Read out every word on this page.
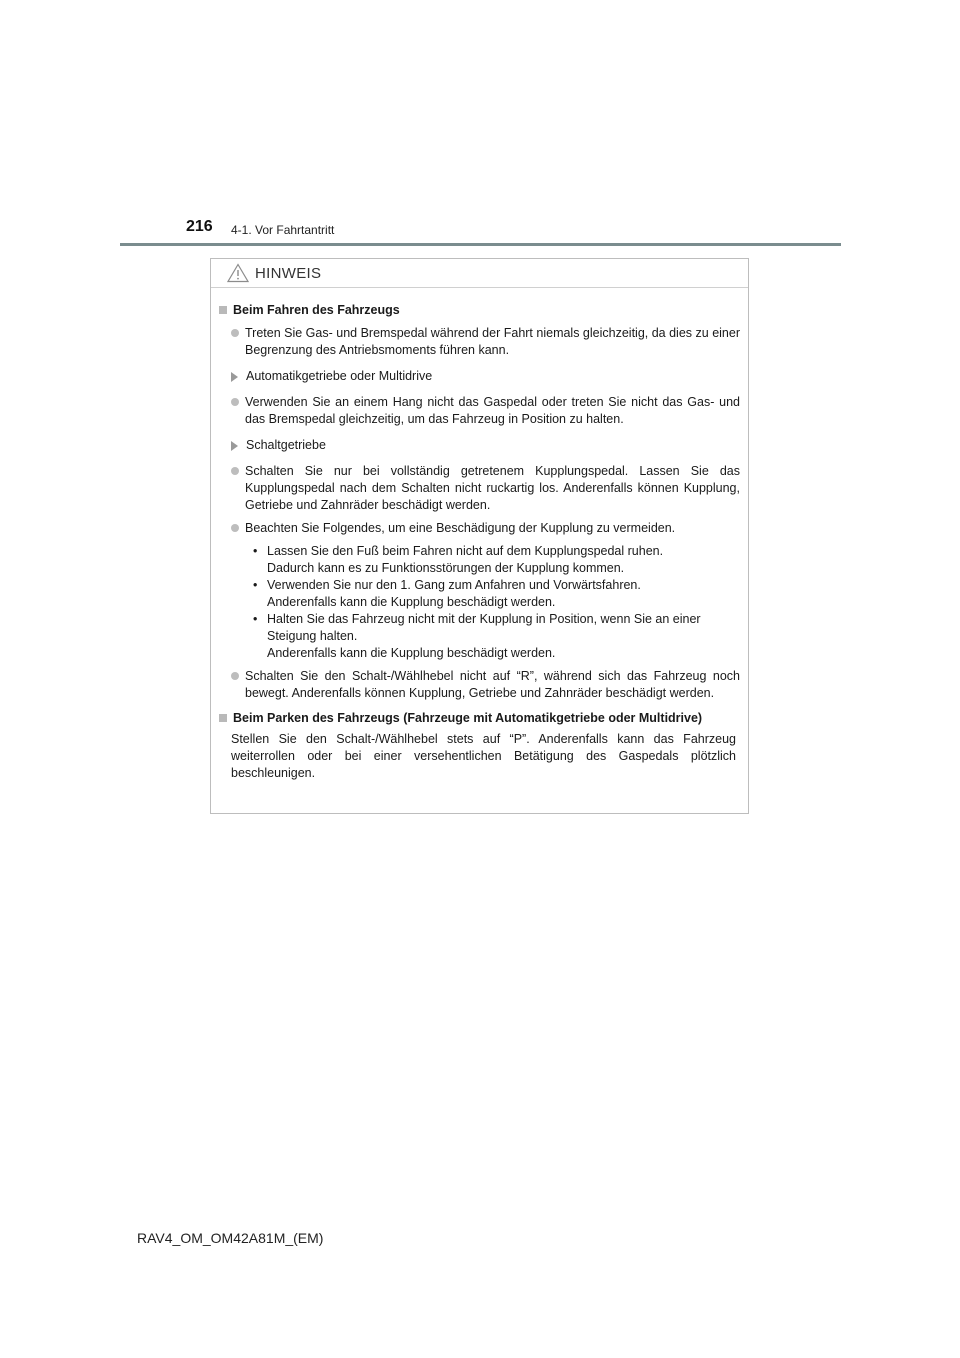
216 4-1. Vor Fahrtantritt
HINWEIS
Beim Fahren des Fahrzeugs
Treten Sie Gas- und Bremspedal während der Fahrt niemals gleichzeitig, da dies zu einer Begrenzung des Antriebsmoments führen kann.
Automatikgetriebe oder Multidrive
Verwenden Sie an einem Hang nicht das Gaspedal oder treten Sie nicht das Gas- und das Bremspedal gleichzeitig, um das Fahrzeug in Position zu halten.
Schaltgetriebe
Schalten Sie nur bei vollständig getretenem Kupplungspedal. Lassen Sie das Kupplungspedal nach dem Schalten nicht ruckartig los. Anderenfalls können Kupplung, Getriebe und Zahnräder beschädigt werden.
Beachten Sie Folgendes, um eine Beschädigung der Kupplung zu vermeiden.
• Lassen Sie den Fuß beim Fahren nicht auf dem Kupplungspedal ruhen.
Dadurch kann es zu Funktionsstörungen der Kupplung kommen.
• Verwenden Sie nur den 1. Gang zum Anfahren und Vorwärtsfahren.
Anderenfalls kann die Kupplung beschädigt werden.
• Halten Sie das Fahrzeug nicht mit der Kupplung in Position, wenn Sie an einer Steigung halten.
Anderenfalls kann die Kupplung beschädigt werden.
Schalten Sie den Schalt-/Wählhebel nicht auf “R”, während sich das Fahrzeug noch bewegt. Anderenfalls können Kupplung, Getriebe und Zahnräder beschädigt werden.
Beim Parken des Fahrzeugs (Fahrzeuge mit Automatikgetriebe oder Multidrive)
Stellen Sie den Schalt-/Wählhebel stets auf “P”. Anderenfalls kann das Fahrzeug weiterrollen oder bei einer versehentlichen Betätigung des Gaspedals plötzlich beschleunigen.
RAV4_OM_OM42A81M_(EM)
